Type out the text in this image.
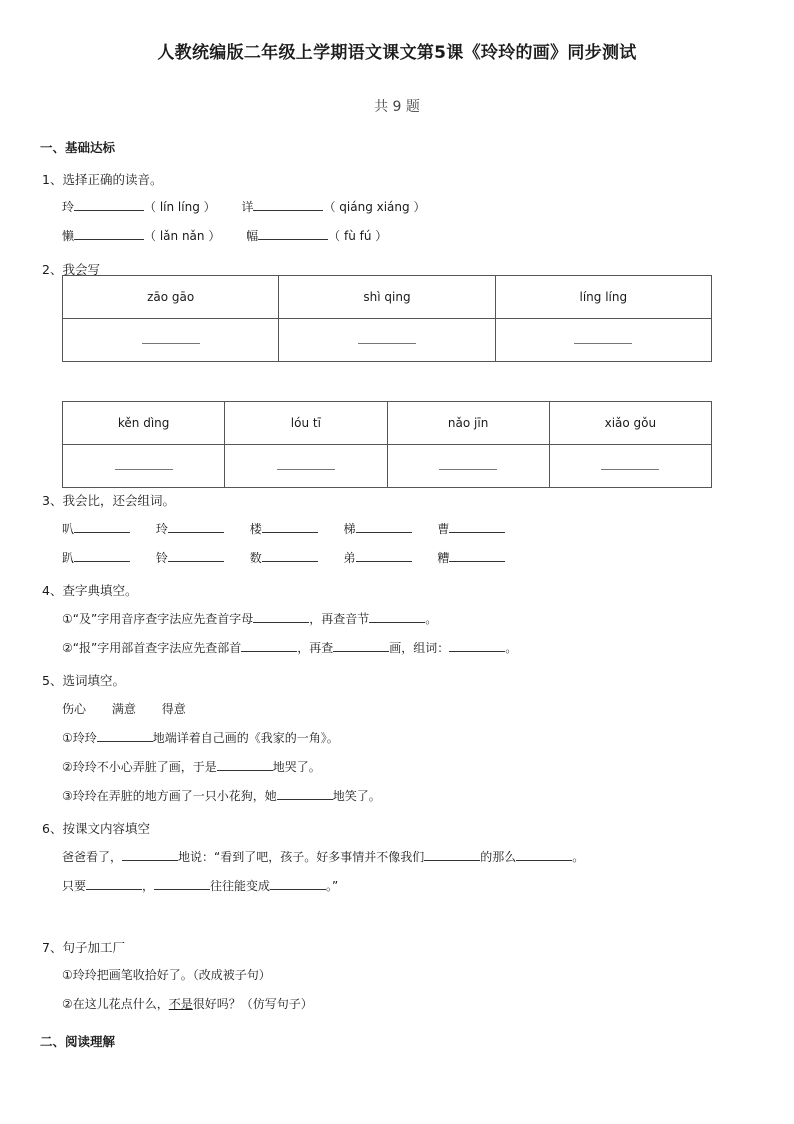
人教统编版二年级上学期语文课文第5课《玲玲的画》同步测试
共 9 题
一、基础达标
1、选择正确的读音。
玲	（ lín líng ） 详	（ qiáng xiáng ）
懒	（ lǎn nǎn ） 幅	（ fù fú ）
2、我会写
zāo gāo	shì qing	líng líng

kěn dìng	lóu tī	nǎo jīn	xiǎo gǒu

3、我会比，还会组词。
叭	玲	楼	梯	曹
趴	铃	数	弟	糟
4、查字典填空。
①“及”字用音序查字法应先查首字母	，再查音节	。
②“报”字用部首查字法应先查部首	，再查	画，组词：	。
5、选词填空。
伤心 满意 得意
①玲玲	地端详着自己画的《我家的一角》。
②玲玲不小心弄脏了画，于是	地哭了。
③玲玲在弄脏的地方画了一只小花狗，她	地笑了。
6、按课文内容填空
爸爸看了，	地说：“看到了吧，孩子。好多事情并不像我们	的那么	。
只要	，	往往能变成	。”
7、句子加工厂
①玲玲把画笔收拾好了。（改成被子句）
②在这儿花点什么，不是很好吗？（仿写句子）
二、阅读理解
